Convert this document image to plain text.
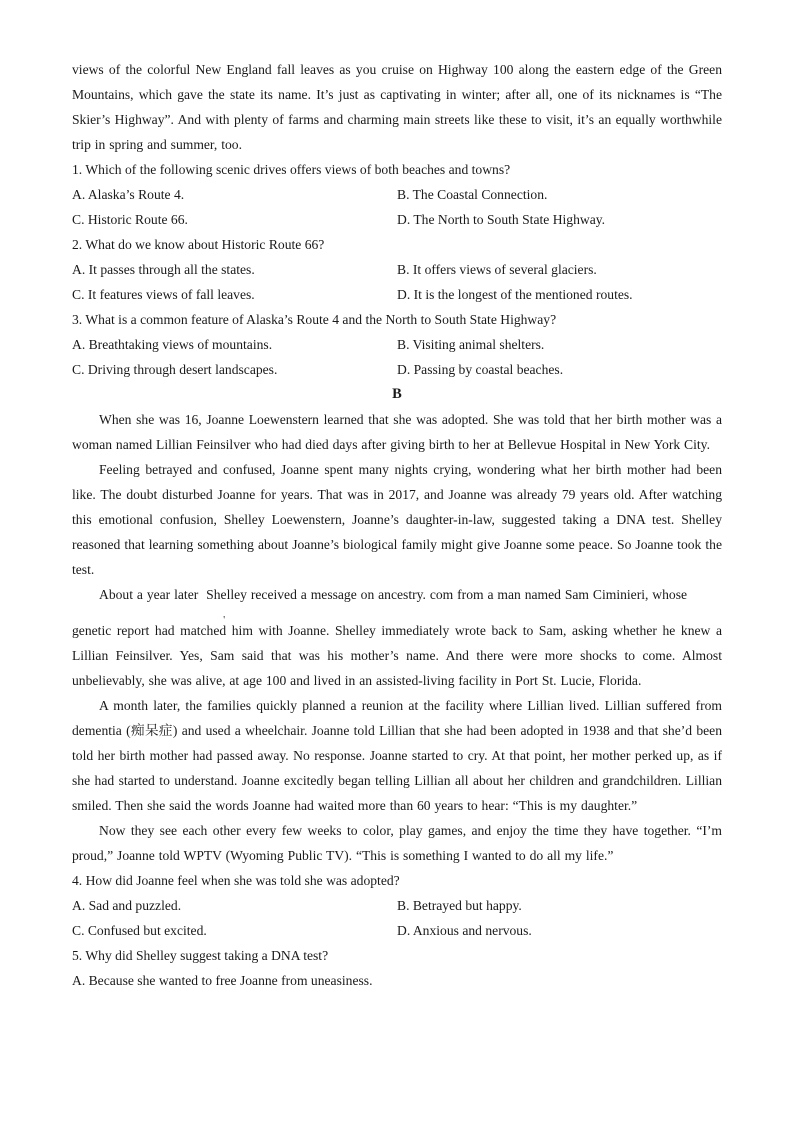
views of the colorful New England fall leaves as you cruise on Highway 100 along the eastern edge of the Green Mountains, which gave the state its name. It’s just as captivating in winter; after all, one of its nicknames is “The Skier’s Highway”. And with plenty of farms and charming main streets like these to visit, it’s an equally worthwhile trip in spring and summer, too.

1. Which of the following scenic drives offers views of both beaches and towns?

A. Alaska’s Route 4.	B. The Coastal Connection.
C. Historic Route 66.	D. The North to South State Highway.

2. What do we know about Historic Route 66?

A. It passes through all the states.	B. It offers views of several glaciers.
C. It features views of fall leaves.	D. It is the longest of the mentioned routes.

3. What is a common feature of Alaska’s Route 4 and the North to South State Highway?

A. Breathtaking views of mountains.	B. Visiting animal shelters.
C. Driving through desert landscapes.	D. Passing by coastal beaches.

B

When she was 16, Joanne Loewenstern learned that she was adopted. She was told that her birth mother was a woman named Lillian Feinsilver who had died days after giving birth to her at Bellevue Hospital in New York City.

Feeling betrayed and confused, Joanne spent many nights crying, wondering what her birth mother had been like. The doubt disturbed Joanne for years. That was in 2017, and Joanne was already 79 years old. After watching this emotional confusion, Shelley Loewenstern, Joanne’s daughter-in-law, suggested taking a DNA test. Shelley reasoned that learning something about Joanne’s biological family might give Joanne some peace. So Joanne took the test.

About a year later Shelley received a message on ancestry. com from a man named Sam Ciminieri, whose

genetic report had matched him with Joanne. Shelley immediately wrote back to Sam, asking whether he knew a Lillian Feinsilver. Yes, Sam said that was his mother’s name. And there were more shocks to come. Almost unbelievably, she was alive, at age 100 and lived in an assisted-living facility in Port St. Lucie, Florida.

A month later, the families quickly planned a reunion at the facility where Lillian lived. Lillian suffered from dementia (痴呆症) and used a wheelchair. Joanne told Lillian that she had been adopted in 1938 and that she’d been told her birth mother had passed away. No response. Joanne started to cry. At that point, her mother perked up, as if she had started to understand. Joanne excitedly began telling Lillian all about her children and grandchildren. Lillian smiled. Then she said the words Joanne had waited more than 60 years to hear: “This is my daughter.”

Now they see each other every few weeks to color, play games, and enjoy the time they have together. “I’m proud,” Joanne told WPTV (Wyoming Public TV). “This is something I wanted to do all my life.”

4. How did Joanne feel when she was told she was adopted?

A. Sad and puzzled.	B. Betrayed but happy.
C. Confused but excited.	D. Anxious and nervous.

5. Why did Shelley suggest taking a DNA test?

A. Because she wanted to free Joanne from uneasiness.
